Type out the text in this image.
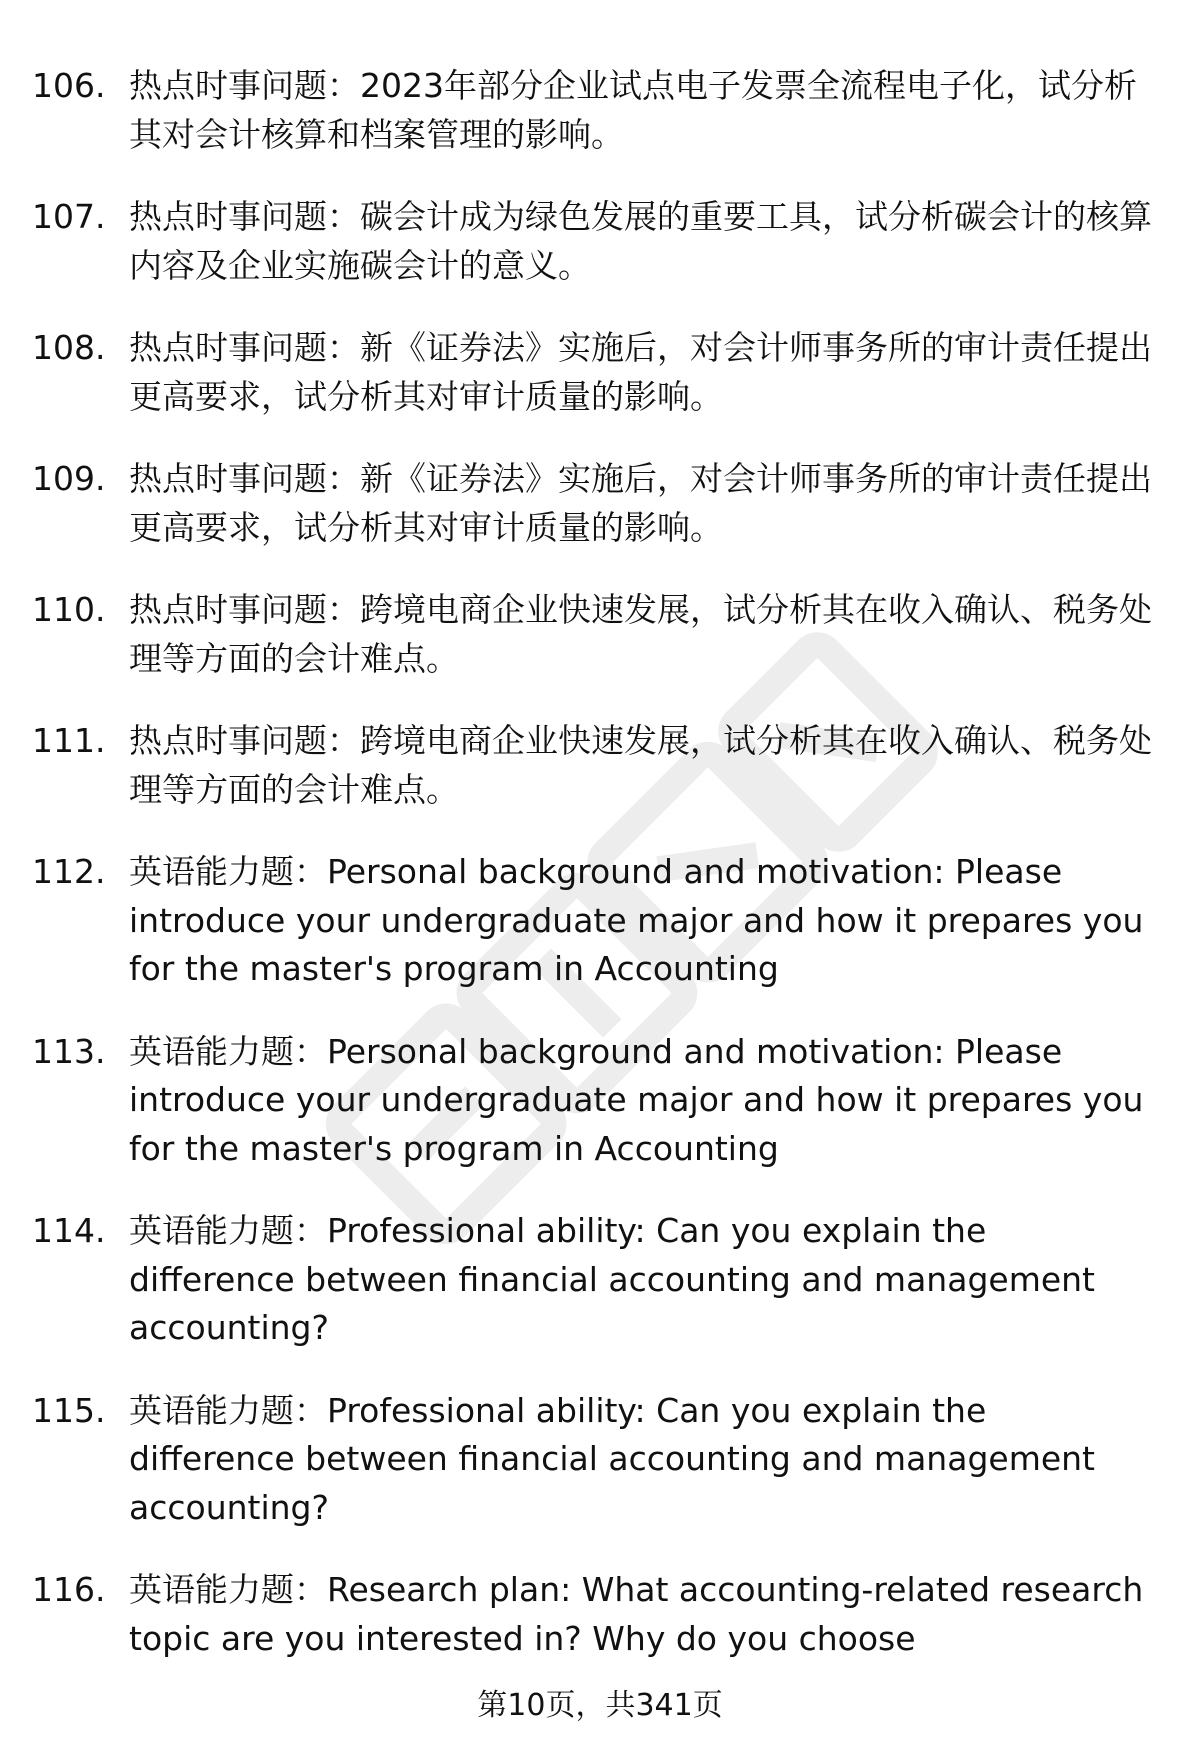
106. 热点时事问题：2023年部分企业试点电子发票全流程电子化，试分析其对会计核算和档案管理的影响。
107. 热点时事问题：碳会计成为绿色发展的重要工具，试分析碳会计的核算内容及企业实施碳会计的意义。
108. 热点时事问题：新《证券法》实施后，对会计师事务所的审计责任提出更高要求，试分析其对审计质量的影响。
109. 热点时事问题：新《证券法》实施后，对会计师事务所的审计责任提出更高要求，试分析其对审计质量的影响。
110. 热点时事问题：跨境电商企业快速发展，试分析其在收入确认、税务处理等方面的会计难点。
111. 热点时事问题：跨境电商企业快速发展，试分析其在收入确认、税务处理等方面的会计难点。
112. 英语能力题：Personal background and motivation: Please introduce your undergraduate major and how it prepares you for the master's program in Accounting
113. 英语能力题：Personal background and motivation: Please introduce your undergraduate major and how it prepares you for the master's program in Accounting
114. 英语能力题：Professional ability: Can you explain the difference between financial accounting and management accounting?
115. 英语能力题：Professional ability: Can you explain the difference between financial accounting and management accounting?
116. 英语能力题：Research plan: What accounting-related research topic are you interested in? Why do you choose
第10页，共341页
